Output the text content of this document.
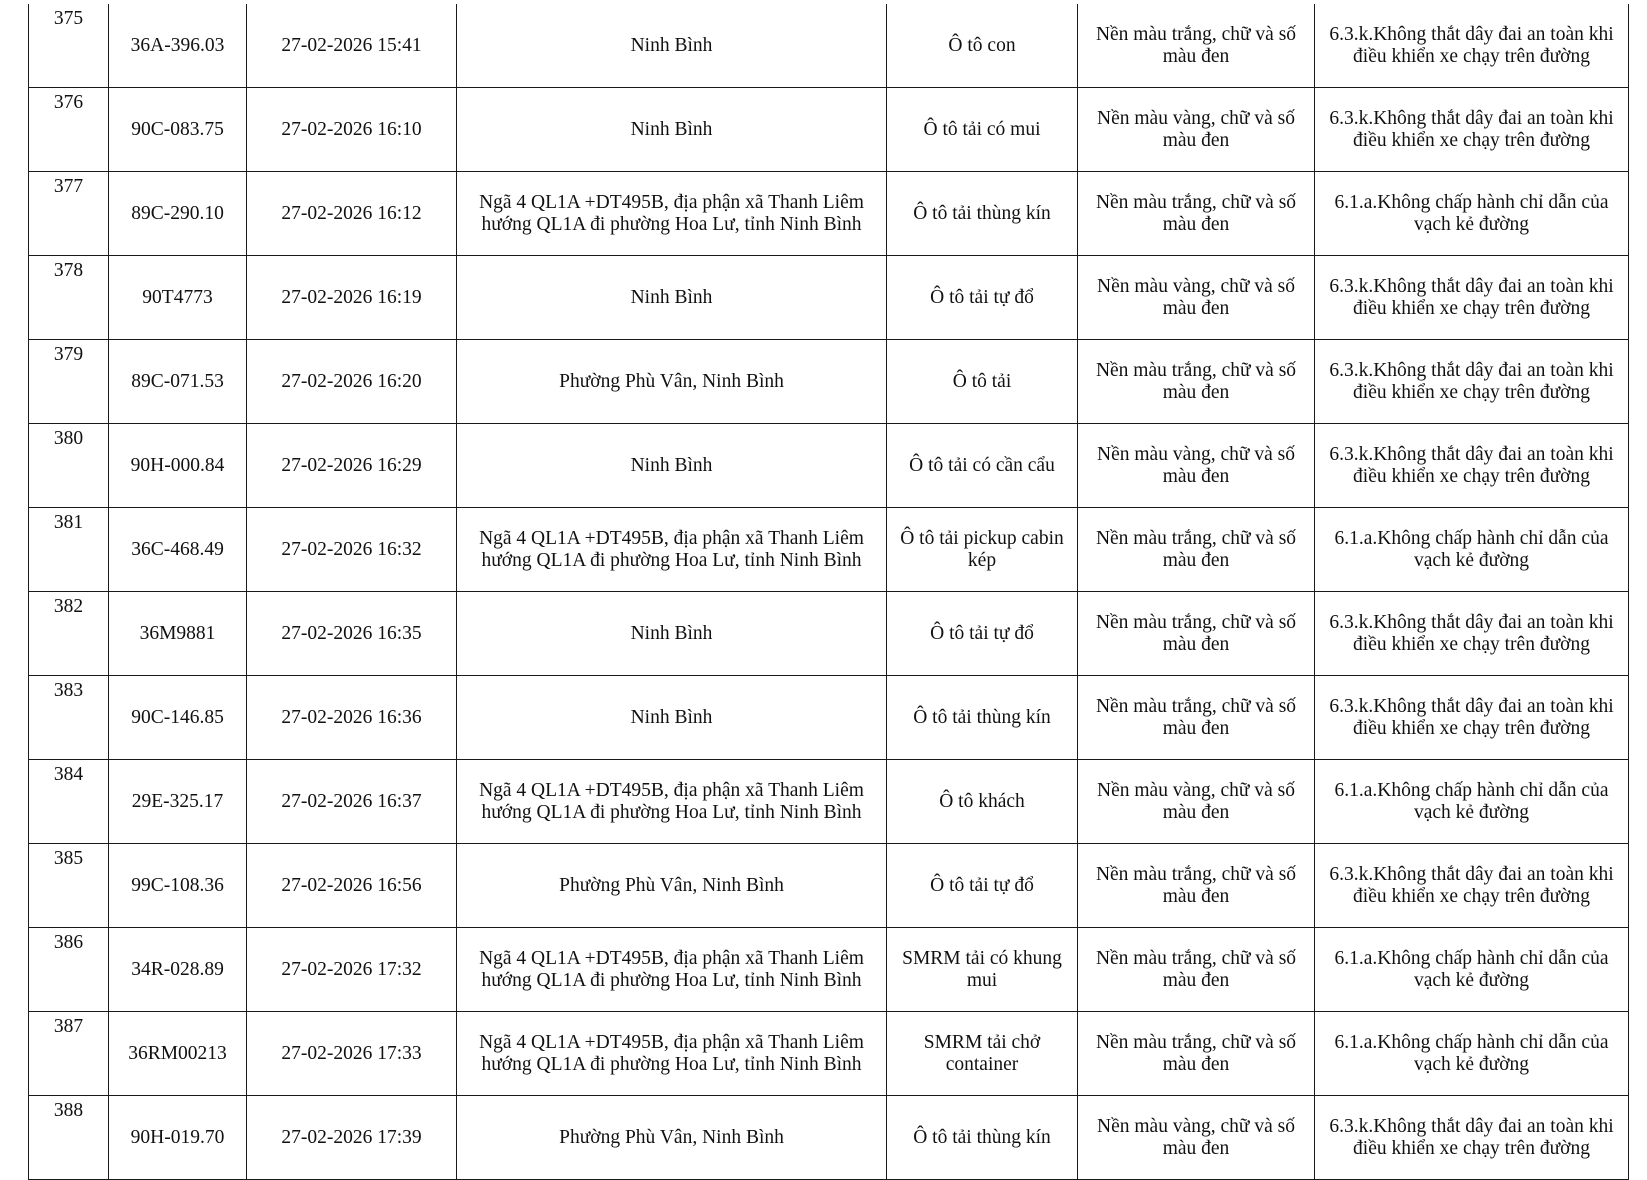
375	36A-396.03	27-02-2026 15:41	Ninh Bình	Ô tô con	Nền màu trắng, chữ và số màu đen	6.3.k.Không thắt dây đai an toàn khi điều khiển xe chạy trên đường
376	90C-083.75	27-02-2026 16:10	Ninh Bình	Ô tô tải có mui	Nền màu vàng, chữ và số màu đen	6.3.k.Không thắt dây đai an toàn khi điều khiển xe chạy trên đường
377	89C-290.10	27-02-2026 16:12	Ngã 4 QL1A +DT495B, địa phận xã Thanh Liêm hướng QL1A đi phường Hoa Lư, tỉnh Ninh Bình	Ô tô tải thùng kín	Nền màu trắng, chữ và số màu đen	6.1.a.Không chấp hành chỉ dẫn của vạch kẻ đường
378	90T4773	27-02-2026 16:19	Ninh Bình	Ô tô tải tự đổ	Nền màu vàng, chữ và số màu đen	6.3.k.Không thắt dây đai an toàn khi điều khiển xe chạy trên đường
379	89C-071.53	27-02-2026 16:20	Phường Phù Vân, Ninh Bình	Ô tô tải	Nền màu trắng, chữ và số màu đen	6.3.k.Không thắt dây đai an toàn khi điều khiển xe chạy trên đường
380	90H-000.84	27-02-2026 16:29	Ninh Bình	Ô tô tải có cần cẩu	Nền màu vàng, chữ và số màu đen	6.3.k.Không thắt dây đai an toàn khi điều khiển xe chạy trên đường
381	36C-468.49	27-02-2026 16:32	Ngã 4 QL1A +DT495B, địa phận xã Thanh Liêm hướng QL1A đi phường Hoa Lư, tỉnh Ninh Bình	Ô tô tải pickup cabin kép	Nền màu trắng, chữ và số màu đen	6.1.a.Không chấp hành chỉ dẫn của vạch kẻ đường
382	36M9881	27-02-2026 16:35	Ninh Bình	Ô tô tải tự đổ	Nền màu trắng, chữ và số màu đen	6.3.k.Không thắt dây đai an toàn khi điều khiển xe chạy trên đường
383	90C-146.85	27-02-2026 16:36	Ninh Bình	Ô tô tải thùng kín	Nền màu trắng, chữ và số màu đen	6.3.k.Không thắt dây đai an toàn khi điều khiển xe chạy trên đường
384	29E-325.17	27-02-2026 16:37	Ngã 4 QL1A +DT495B, địa phận xã Thanh Liêm hướng QL1A đi phường Hoa Lư, tỉnh Ninh Bình	Ô tô khách	Nền màu vàng, chữ và số màu đen	6.1.a.Không chấp hành chỉ dẫn của vạch kẻ đường
385	99C-108.36	27-02-2026 16:56	Phường Phù Vân, Ninh Bình	Ô tô tải tự đổ	Nền màu trắng, chữ và số màu đen	6.3.k.Không thắt dây đai an toàn khi điều khiển xe chạy trên đường
386	34R-028.89	27-02-2026 17:32	Ngã 4 QL1A +DT495B, địa phận xã Thanh Liêm hướng QL1A đi phường Hoa Lư, tỉnh Ninh Bình	SMRM tải có khung mui	Nền màu trắng, chữ và số màu đen	6.1.a.Không chấp hành chỉ dẫn của vạch kẻ đường
387	36RM00213	27-02-2026 17:33	Ngã 4 QL1A +DT495B, địa phận xã Thanh Liêm hướng QL1A đi phường Hoa Lư, tỉnh Ninh Bình	SMRM tải chở container	Nền màu trắng, chữ và số màu đen	6.1.a.Không chấp hành chỉ dẫn của vạch kẻ đường
388	90H-019.70	27-02-2026 17:39	Phường Phù Vân, Ninh Bình	Ô tô tải thùng kín	Nền màu vàng, chữ và số màu đen	6.3.k.Không thắt dây đai an toàn khi điều khiển xe chạy trên đường
